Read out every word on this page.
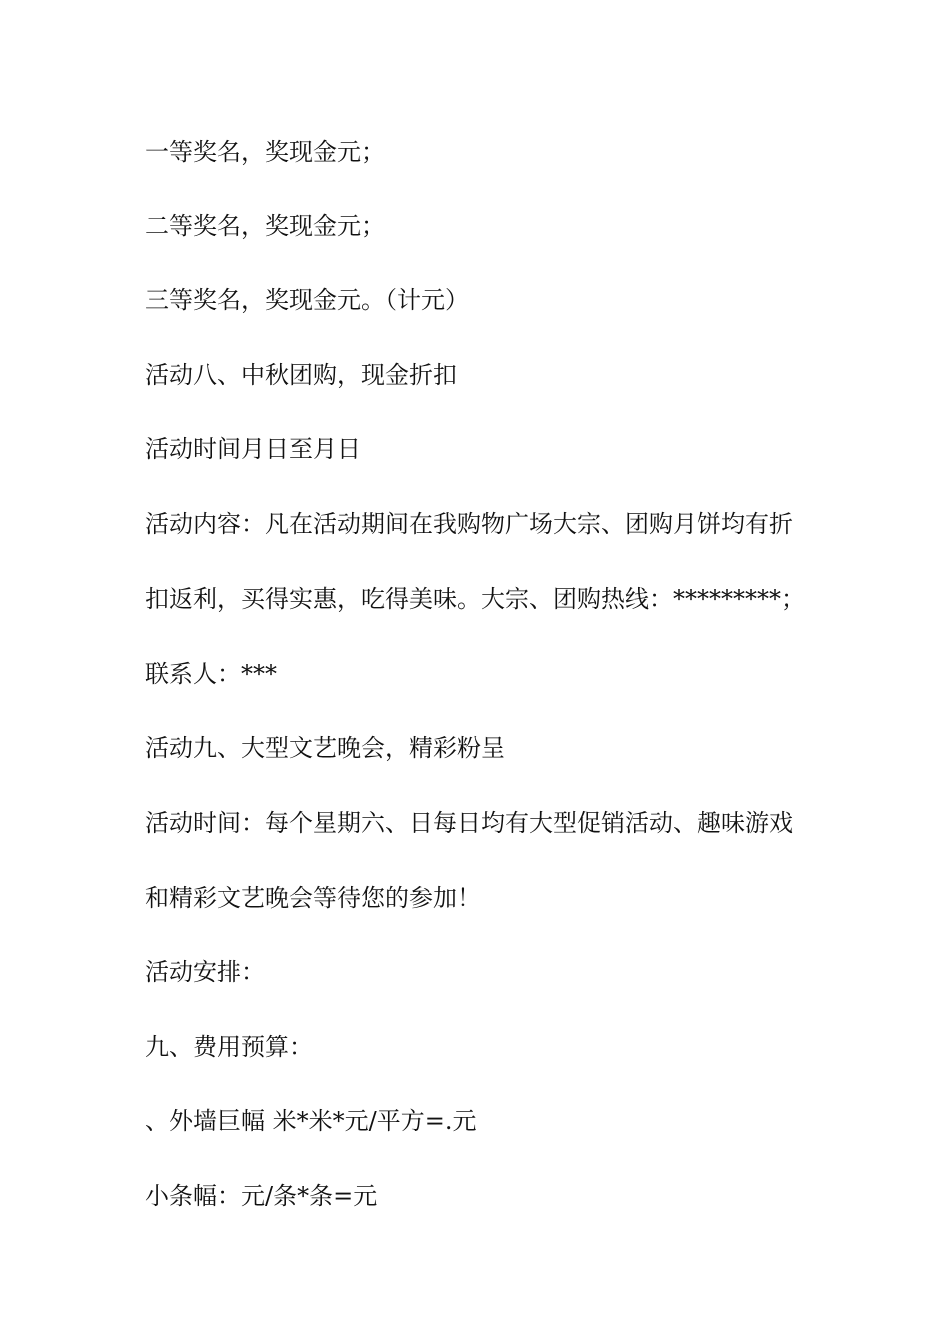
一等奖名，奖现金元；

二等奖名，奖现金元；

三等奖名，奖现金元。（计元）

活动八、中秋团购，现金折扣

活动时间月日至月日

活动内容：凡在活动期间在我购物广场大宗、团购月饼均有折

扣返利，买得实惠，吃得美味。大宗、团购热线：*********；

联系人：***

活动九、大型文艺晚会，精彩粉呈

活动时间：每个星期六、日每日均有大型促销活动、趣味游戏

和精彩文艺晚会等待您的参加！

活动安排：

九、费用预算：

、外墙巨幅 米*米*元/平方=.元

小条幅：元/条*条=元
